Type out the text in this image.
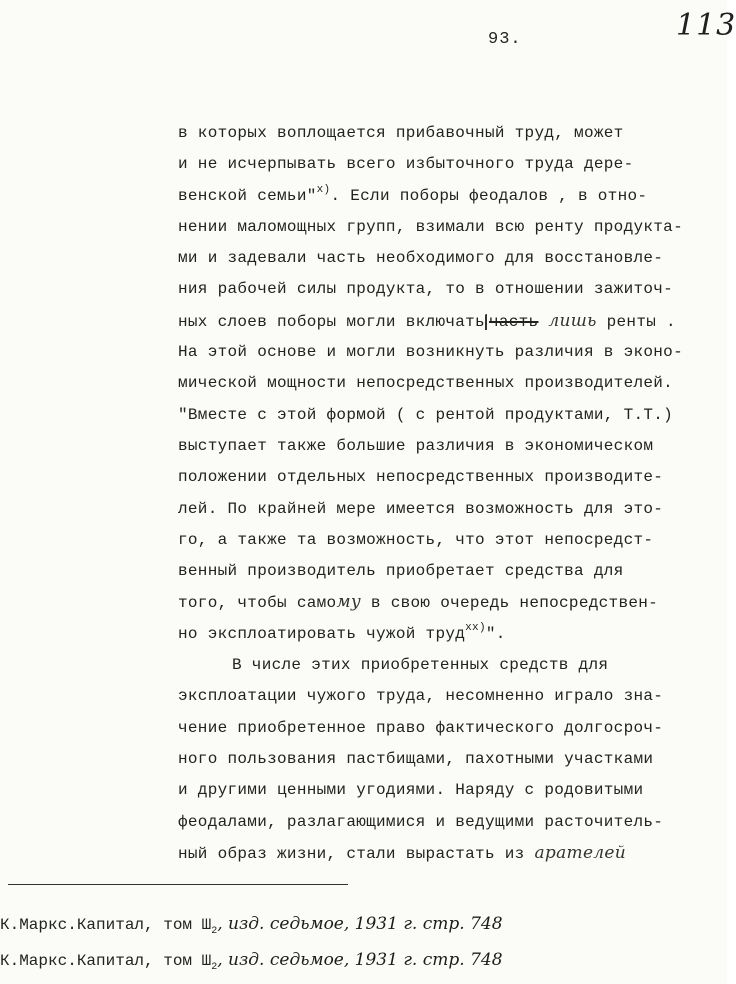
93.	113
в которых воплощается прибавочный труд, может
и не исчерпывать всего избыточного труда дере-
венской семьи"$^{x)}$. Если поборы феодалов , в отно-
нении маломощных групп, взимали всю ренту продукта-
ми и задевали часть необходимого для восстановле-
ния рабочей силы продукта, то в отношении зажиточ-
ных слоев поборы могли включать часть лишь ренты .
На этой основе и могли возникнуть различия в эконо-
мической мощности непосредственных производителей.
"Вместе с этой формой ( с рентой продуктами, Т.Т.)
выступает также большие различия в экономическом
положении отдельных непосредственных производите-
лей. По крайней мере имеется возможность для это-
го, а также та возможность, что этот непосредст-
венный производитель приобретает средства для
того, чтобы самому в свою очередь непосредствен-
но эксплоатировать чужой труд$^{хх)}$".
В числе этих приобретенных средств для
эксплоатации чужого труда, несомненно играло зна-
чение приобретенное право фактического долгосроч-
ного пользования пастбищами, пахотными участками
и другими ценными угодиями. Наряду с родовитыми
феодалами, разлагающимися и ведущими расточитель-
ный образ жизни, стали вырастать из арателей
К.Маркс.Капитал, том $Ш_2$, изд. седьмое, 1931 г. стр. 748
К.Маркс.Капитал, том $Ш_2$, изд. седьмое, 1931 г. стр. 748
